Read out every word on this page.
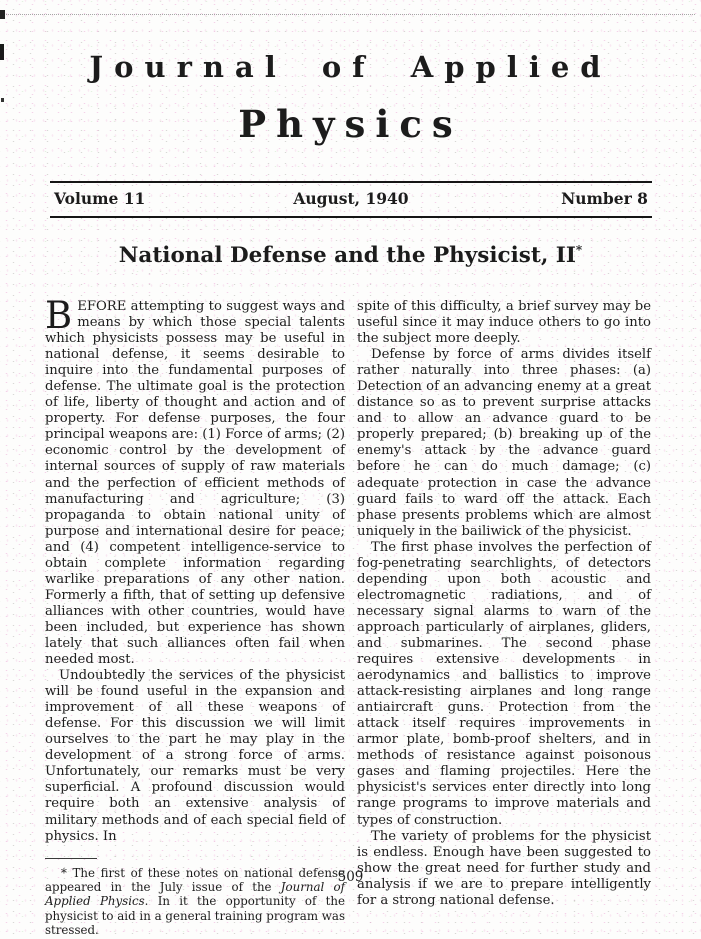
Journal of Applied
Physics
Volume 11	August, 1940	Number 8
National Defense and the Physicist, II*

BEFORE attempting to suggest ways and means by which those special talents which physicists possess may be useful in national defense, it seems desirable to inquire into the fundamental purposes of defense. The ultimate goal is the protection of life, liberty of thought and action and of property. For defense purposes, the four principal weapons are: (1) Force of arms; (2) economic control by the development of internal sources of supply of raw materials and the perfection of efficient methods of manufacturing and agriculture; (3) propaganda to obtain national unity of purpose and international desire for peace; and (4) competent intelligence-service to obtain complete information regarding warlike preparations of any other nation. Formerly a fifth, that of setting up defensive alliances with other countries, would have been included, but experience has shown lately that such alliances often fail when needed most.

Undoubtedly the services of the physicist will be found useful in the expansion and improvement of all these weapons of defense. For this discussion we will limit ourselves to the part he may play in the development of a strong force of arms. Unfortunately, our remarks must be very superficial. A profound discussion would require both an extensive analysis of military methods and of each special field of physics. In

* The first of these notes on national defense appeared in the July issue of the Journal of Applied Physics. In it the opportunity of the physicist to aid in a general training program was stressed.

spite of this difficulty, a brief survey may be useful since it may induce others to go into the subject more deeply.

Defense by force of arms divides itself rather naturally into three phases: (a) Detection of an advancing enemy at a great distance so as to prevent surprise attacks and to allow an advance guard to be properly prepared; (b) breaking up of the enemy's attack by the advance guard before he can do much damage; (c) adequate protection in case the advance guard fails to ward off the attack. Each phase presents problems which are almost uniquely in the bailiwick of the physicist.

The first phase involves the perfection of fog-penetrating searchlights, of detectors depending upon both acoustic and electromagnetic radiations, and of necessary signal alarms to warn of the approach particularly of airplanes, gliders, and submarines. The second phase requires extensive developments in aerodynamics and ballistics to improve attack-resisting airplanes and long range antiaircraft guns. Protection from the attack itself requires improvements in armor plate, bomb-proof shelters, and in methods of resistance against poisonous gases and flaming projectiles. Here the physicist's services enter directly into long range programs to improve materials and types of construction.

The variety of problems for the physicist is endless. Enough have been suggested to show the great need for further study and analysis if we are to prepare intelligently for a strong national defense.

509
